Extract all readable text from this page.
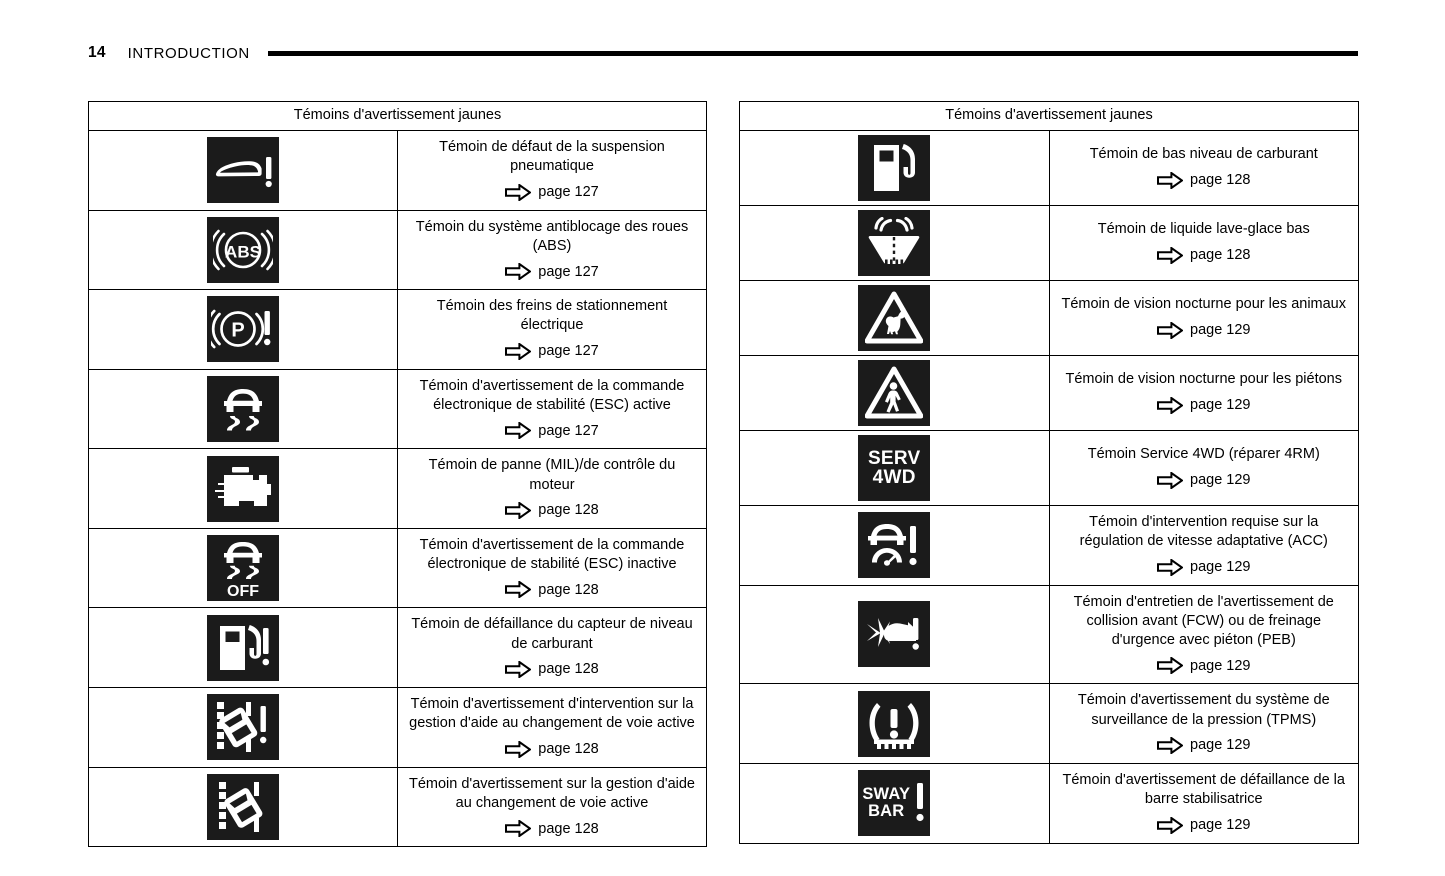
14 INTRODUCTION
Témoins d'avertissement jaunes	

Témoin de défaut de la suspension pneumatique
page 127

ABS	Témoin du système antiblocage des roues (ABS)
page 127

P	Témoin des freins de stationnement électrique
page 127

Témoin d'avertissement de la commande électronique de stabilité (ESC) active
page 127

Témoin de panne (MIL)/de contrôle du moteur
page 128

OFF	Témoin d'avertissement de la commande électronique de stabilité (ESC) inactive
page 128

Témoin de défaillance du capteur de niveau de carburant
page 128

Témoin d'avertissement d'intervention sur la gestion d'aide au changement de voie active
page 128

Témoin d'avertissement sur la gestion d'aide au changement de voie active
page 128
Témoins d'avertissement jaunes	

Témoin de bas niveau de carburant
page 128

Témoin de liquide lave-glace bas
page 128

Témoin de vision nocturne pour les animaux
page 129

Témoin de vision nocturne pour les piétons
page 129

SERV
4WD	Témoin Service 4WD (réparer 4RM)
page 129

Témoin d'intervention requise sur la régulation de vitesse adaptative (ACC)
page 129

Témoin d'entretien de l'avertissement de collision avant (FCW) ou de freinage d'urgence avec piéton (PEB)
page 129

Témoin d'avertissement du système de surveillance de la pression (TPMS)
page 129

SWAY
BAR	Témoin d'avertissement de défaillance de la barre stabilisatrice
page 129
